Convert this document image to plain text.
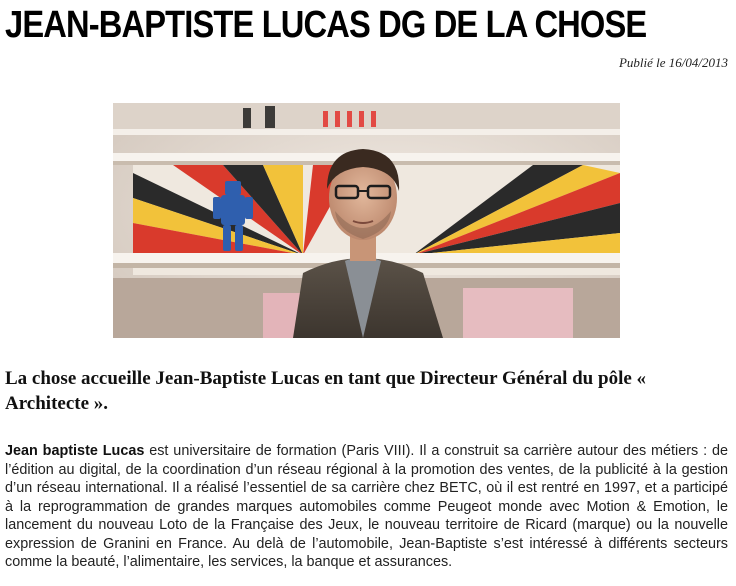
JEAN-BAPTISTE LUCAS DG DE LA CHOSE
Publié le 16/04/2013

La chose accueille Jean-Baptiste Lucas en tant que Directeur Général du pôle « Architecte ».

Jean baptiste Lucas est universitaire de formation (Paris VIII). Il a construit sa carrière autour des métiers : de l’édition au digital, de la coordination d’un réseau régional à la promotion des ventes, de la publicité à la gestion d’un réseau international. Il a réalisé l’essentiel de sa carrière chez BETC, où il est rentré en 1997, et a participé à la reprogrammation de grandes marques automobiles comme Peugeot monde avec Motion & Emotion, le lancement du nouveau Loto de la Française des Jeux, le nouveau territoire de Ricard (marque) ou la nouvelle expression de Granini en France. Au delà de l’automobile, Jean-Baptiste s’est intéressé à différents secteurs comme la beauté, l’alimentaire, les services, la banque et assurances.
